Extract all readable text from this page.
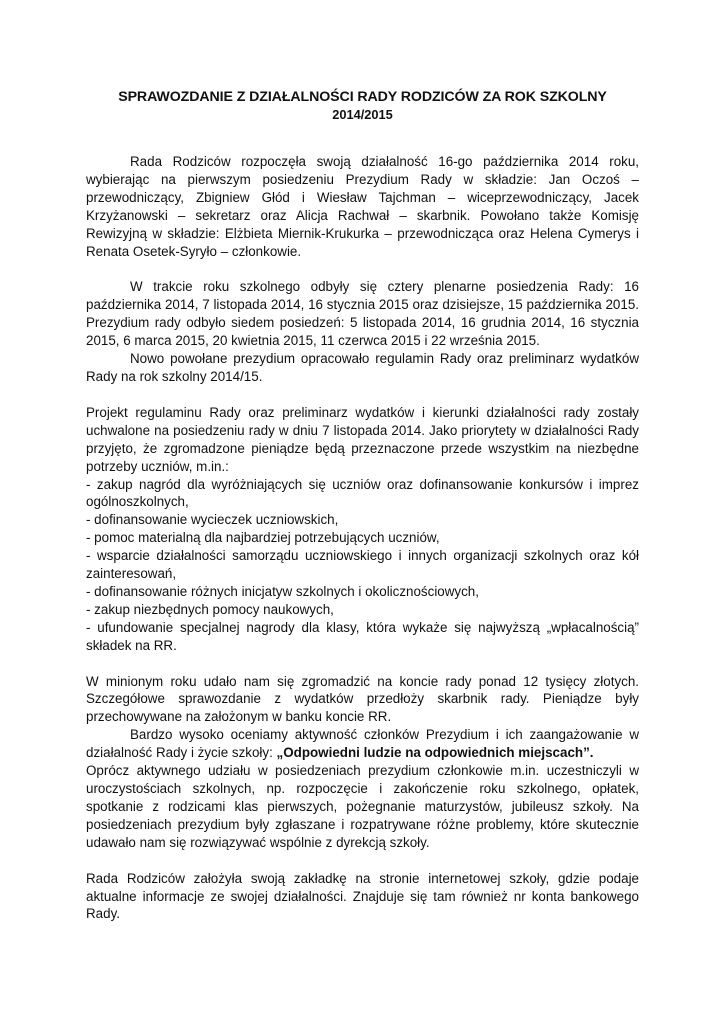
SPRAWOZDANIE Z DZIAŁALNOŚCI RADY RODZICÓW ZA ROK SZKOLNY
2014/2015

Rada Rodziców rozpoczęła swoją działalność 16-go października 2014 roku, wybierając na pierwszym posiedzeniu Prezydium Rady w składzie: Jan Oczoś – przewodniczący, Zbigniew Głód i Wiesław Tajchman – wiceprzewodniczący, Jacek Krzyżanowski – sekretarz oraz Alicja Rachwał – skarbnik. Powołano także Komisję Rewizyjną w składzie: Elżbieta Miernik-Krukurka – przewodnicząca oraz Helena Cymerys i Renata Osetek-Syryło – członkowie.

W trakcie roku szkolnego odbyły się cztery plenarne posiedzenia Rady: 16 października 2014, 7 listopada 2014, 16 stycznia 2015 oraz dzisiejsze, 15 października 2015. Prezydium rady odbyło siedem posiedzeń: 5 listopada 2014, 16 grudnia 2014, 16 stycznia 2015, 6 marca 2015, 20 kwietnia 2015, 11 czerwca 2015 i 22 września 2015.

Nowo powołane prezydium opracowało regulamin Rady oraz preliminarz wydatków Rady na rok szkolny 2014/15.

Projekt regulaminu Rady oraz preliminarz wydatków i kierunki działalności rady zostały uchwalone na posiedzeniu rady w dniu 7 listopada 2014. Jako priorytety w działalności Rady przyjęto, że zgromadzone pieniądze będą przeznaczone przede wszystkim na niezbędne potrzeby uczniów, m.in.:

- zakup nagród dla wyróżniających się uczniów oraz dofinansowanie konkursów i imprez ogólnoszkolnych,
- dofinansowanie wycieczek uczniowskich,
- pomoc materialną dla najbardziej potrzebujących uczniów,
- wsparcie działalności samorządu uczniowskiego i innych organizacji szkolnych oraz kół zainteresowań,
- dofinansowanie różnych inicjatyw szkolnych i okolicznościowych,
- zakup niezbędnych pomocy naukowych,
- ufundowanie specjalnej nagrody dla klasy, która wykaże się najwyższą „wpłacalnością” składek na RR.

W minionym roku udało nam się zgromadzić na koncie rady ponad 12 tysięcy złotych. Szczegółowe sprawozdanie z wydatków przedłoży skarbnik rady. Pieniądze były przechowywane na założonym w banku koncie RR.

Bardzo wysoko oceniamy aktywność członków Prezydium i ich zaangażowanie w działalność Rady i życie szkoły: „Odpowiedni ludzie na odpowiednich miejscach”.

Oprócz aktywnego udziału w posiedzeniach prezydium członkowie m.in. uczestniczyli w uroczystościach szkolnych, np. rozpoczęcie i zakończenie roku szkolnego, opłatek, spotkanie z rodzicami klas pierwszych, pożegnanie maturzystów, jubileusz szkoły. Na posiedzeniach prezydium były zgłaszane i rozpatrywane różne problemy, które skutecznie udawało nam się rozwiązywać wspólnie z dyrekcją szkoły.

Rada Rodziców założyła swoją zakładkę na stronie internetowej szkoły, gdzie podaje aktualne informacje ze swojej działalności. Znajduje się tam również nr konta bankowego Rady.
